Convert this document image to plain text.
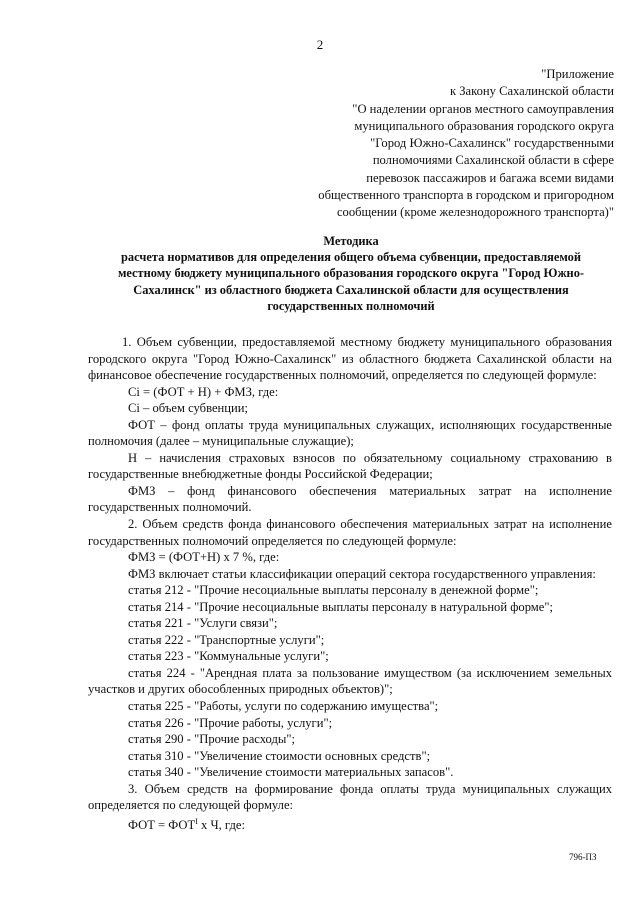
2
"Приложение
к Закону Сахалинской области
"О наделении органов местного самоуправления
муниципального образования городского округа
"Город Южно-Сахалинск" государственными
полномочиями Сахалинской области в сфере
перевозок пассажиров и багажа всеми видами
общественного транспорта в городском и пригородном
сообщении (кроме железнодорожного транспорта)"
Методика
расчета нормативов для определения общего объема субвенции, предоставляемой местному бюджету муниципального образования городского округа "Город Южно-Сахалинск" из областного бюджета Сахалинской области для осуществления государственных полномочий

1. Объем субвенции, предоставляемой местному бюджету муниципального образования городского округа "Город Южно-Сахалинск" из областного бюджета Сахалинской области на финансовое обеспечение государственных полномочий, определяется по следующей формуле:

Ci = (ФОТ + Н) + ФМЗ, где:

Ci – объем субвенции;

ФОТ – фонд оплаты труда муниципальных служащих, исполняющих государственные полномочия (далее – муниципальные служащие);

Н – начисления страховых взносов по обязательному социальному страхованию в государственные внебюджетные фонды Российской Федерации;

ФМЗ – фонд финансового обеспечения материальных затрат на исполнение государственных полномочий.

2. Объем средств фонда финансового обеспечения материальных затрат на исполнение государственных полномочий определяется по следующей формуле:

ФМЗ = (ФОТ+Н) х 7 %, где:

ФМЗ включает статьи классификации операций сектора государственного управления:

статья 212 - "Прочие несоциальные выплаты персоналу в денежной форме";

статья 214 - "Прочие несоциальные выплаты персоналу в натуральной форме";

статья 221 - "Услуги связи";

статья 222 - "Транспортные услуги";

статья 223 - "Коммунальные услуги";

статья 224 - "Арендная плата за пользование имуществом (за исключением земельных участков и других обособленных природных объектов)";

статья 225 - "Работы, услуги по содержанию имущества";

статья 226 - "Прочие работы, услуги";

статья 290 - "Прочие расходы";

статья 310 - "Увеличение стоимости основных средств";

статья 340 - "Увеличение стоимости материальных запасов".

3. Объем средств на формирование фонда оплаты труда муниципальных служащих определяется по следующей формуле:

ФОТ = $ФОТ^I$ х Ч, где:

796-ПЗ
